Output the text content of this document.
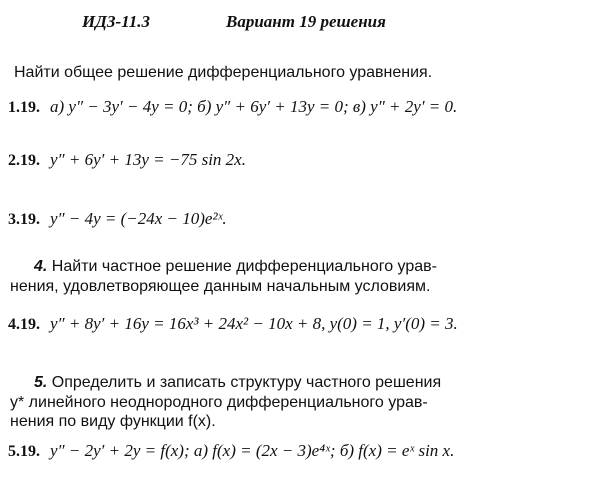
ИДЗ-11.3	Вариант 19 решения
Найти общее решение дифференциального уравнения.
1.19. а) y″ − 3y′ − 4y = 0; б) y″ + 6y′ + 13y = 0; в) y″ + 2y′ = 0.
2.19. y″ + 6y′ + 13y = −75 sin 2x.
3.19. y″ − 4y = (−24x − 10)e²ˣ.
4. Найти частное решение дифференциального урав-
нения, удовлетворяющее данным начальным условиям.
4.19. y″ + 8y′ + 16y = 16x³ + 24x² − 10x + 8, y(0) = 1, y′(0) = 3.
5. Определить и записать структуру частного решения
y* линейного неоднородного дифференциального урав-
нения по виду функции f(x).
5.19. y″ − 2y′ + 2y = f(x); а) f(x) = (2x − 3)e⁴ˣ; б) f(x) = eˣ sin x.
